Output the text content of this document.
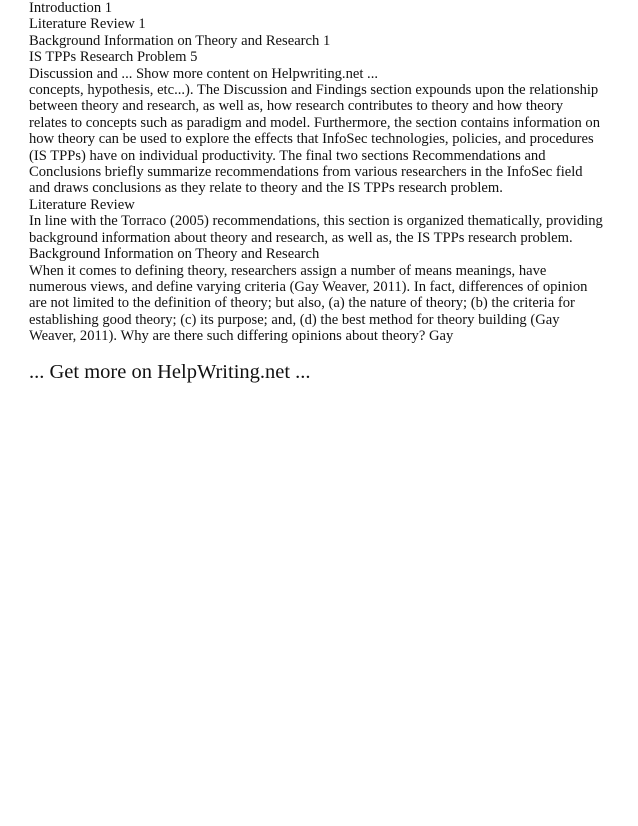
Introduction 1

Literature Review 1

Background Information on Theory and Research 1

IS TPPs Research Problem 5

Discussion and ... Show more content on Helpwriting.net ...

concepts, hypothesis, etc...). The Discussion and Findings section expounds upon the relationship between theory and research, as well as, how research contributes to theory and how theory relates to concepts such as paradigm and model. Furthermore, the section contains information on how theory can be used to explore the effects that InfoSec technologies, policies, and procedures (IS TPPs) have on individual productivity. The final two sections Recommendations and Conclusions briefly summarize recommendations from various researchers in the InfoSec field and draws conclusions as they relate to theory and the IS TPPs research problem.

Literature Review

In line with the Torraco (2005) recommendations, this section is organized thematically, providing background information about theory and research, as well as, the IS TPPs research problem.

Background Information on Theory and Research

When it comes to defining theory, researchers assign a number of means meanings, have numerous views, and define varying criteria (Gay Weaver, 2011). In fact, differences of opinion are not limited to the definition of theory; but also, (a) the nature of theory; (b) the criteria for establishing good theory; (c) its purpose; and, (d) the best method for theory building (Gay Weaver, 2011). Why are there such differing opinions about theory? Gay

... Get more on HelpWriting.net ...
